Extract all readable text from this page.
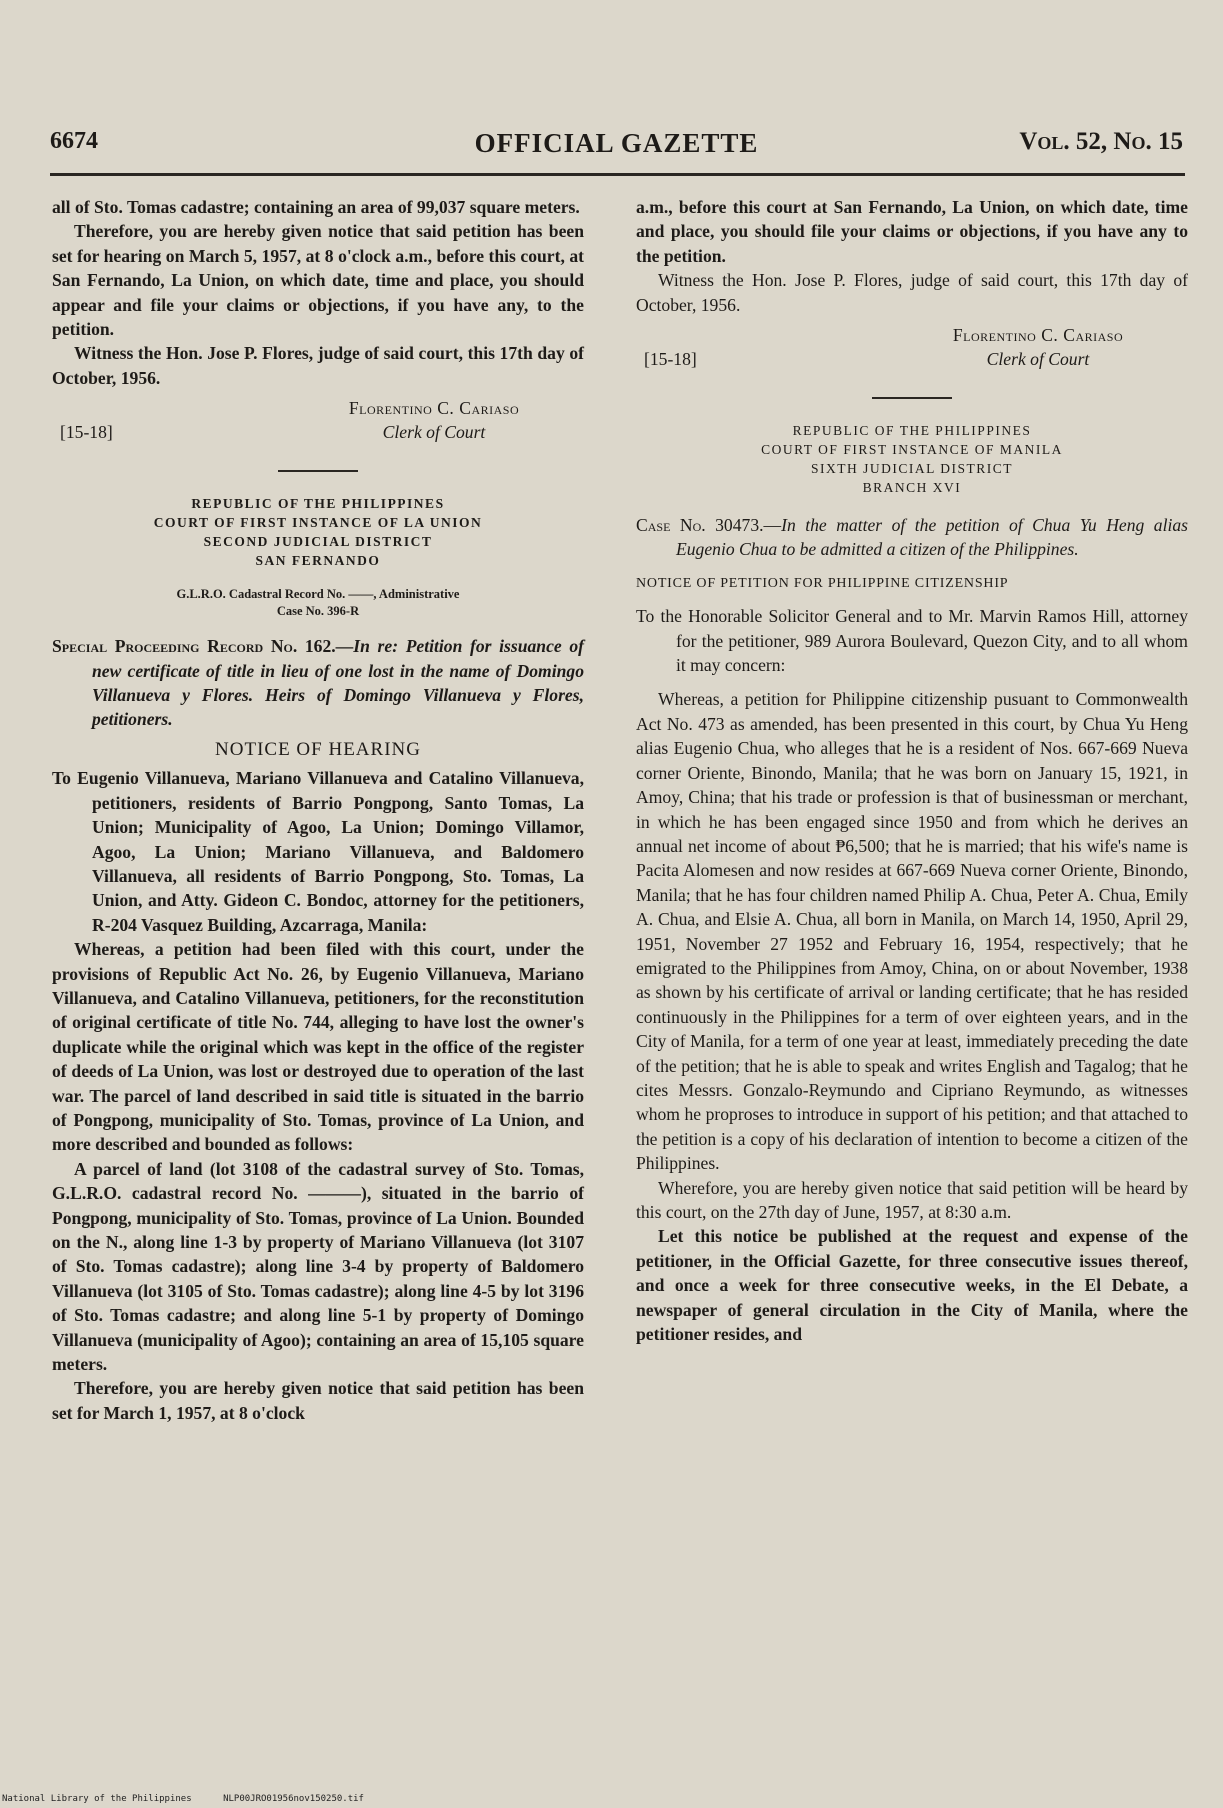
6674	OFFICIAL GAZETTE	Vol. 52, No. 15

all of Sto. Tomas cadastre; containing an area of 99,037 square meters.

Therefore, you are hereby given notice that said petition has been set for hearing on March 5, 1957, at 8 o'clock a.m., before this court, at San Fernando, La Union, on which date, time and place, you should appear and file your claims or objections, if you have any, to the petition.

Witness the Hon. Jose P. Flores, judge of said court, this 17th day of October, 1956.

Florentino C. Cariaso
Clerk of Court
[15-18]
REPUBLIC OF THE PHILIPPINES
COURT OF FIRST INSTANCE OF LA UNION
SECOND JUDICIAL DISTRICT
SAN FERNANDO
G.L.R.O. Cadastral Record No. ——, Administrative
Case No. 396-R

Special Proceeding Record No. 162.—In re: Petition for issuance of new certificate of title in lieu of one lost in the name of Domingo Villanueva y Flores. Heirs of Domingo Villanueva y Flores, petitioners.

NOTICE OF HEARING

To Eugenio Villanueva, Mariano Villanueva and Catalino Villanueva, petitioners, residents of Barrio Pongpong, Santo Tomas, La Union; Municipality of Agoo, La Union; Domingo Villamor, Agoo, La Union; Mariano Villanueva, and Baldomero Villanueva, all residents of Barrio Pongpong, Sto. Tomas, La Union, and Atty. Gideon C. Bondoc, attorney for the petitioners, R-204 Vasquez Building, Azcarraga, Manila:

Whereas, a petition had been filed with this court, under the provisions of Republic Act No. 26, by Eugenio Villanueva, Mariano Villanueva, and Catalino Villanueva, petitioners, for the reconstitution of original certificate of title No. 744, alleging to have lost the owner's duplicate while the original which was kept in the office of the register of deeds of La Union, was lost or destroyed due to operation of the last war. The parcel of land described in said title is situated in the barrio of Pongpong, municipality of Sto. Tomas, province of La Union, and more described and bounded as follows:

A parcel of land (lot 3108 of the cadastral survey of Sto. Tomas, G.L.R.O. cadastral record No. ———), situated in the barrio of Pongpong, municipality of Sto. Tomas, province of La Union. Bounded on the N., along line 1-3 by property of Mariano Villanueva (lot 3107 of Sto. Tomas cadastre); along line 3-4 by property of Baldomero Villanueva (lot 3105 of Sto. Tomas cadastre); along line 4-5 by lot 3196 of Sto. Tomas cadastre; and along line 5-1 by property of Domingo Villanueva (municipality of Agoo); containing an area of 15,105 square meters.

Therefore, you are hereby given notice that said petition has been set for March 1, 1957, at 8 o'clock

a.m., before this court at San Fernando, La Union, on which date, time and place, you should file your claims or objections, if you have any to the petition.

Witness the Hon. Jose P. Flores, judge of said court, this 17th day of October, 1956.

Florentino C. Cariaso
Clerk of Court
[15-18]
REPUBLIC OF THE PHILIPPINES
COURT OF FIRST INSTANCE OF MANILA
SIXTH JUDICIAL DISTRICT
BRANCH XVI

Case No. 30473.—In the matter of the petition of Chua Yu Heng alias Eugenio Chua to be admitted a citizen of the Philippines.

NOTICE OF PETITION FOR PHILIPPINE CITIZENSHIP

To the Honorable Solicitor General and to Mr. Marvin Ramos Hill, attorney for the petitioner, 989 Aurora Boulevard, Quezon City, and to all whom it may concern:

Whereas, a petition for Philippine citizenship pusuant to Commonwealth Act No. 473 as amended, has been presented in this court, by Chua Yu Heng alias Eugenio Chua, who alleges that he is a resident of Nos. 667-669 Nueva corner Oriente, Binondo, Manila; that he was born on January 15, 1921, in Amoy, China; that his trade or profession is that of businessman or merchant, in which he has been engaged since 1950 and from which he derives an annual net income of about ₱6,500; that he is married; that his wife's name is Pacita Alomesen and now resides at 667-669 Nueva corner Oriente, Binondo, Manila; that he has four children named Philip A. Chua, Peter A. Chua, Emily A. Chua, and Elsie A. Chua, all born in Manila, on March 14, 1950, April 29, 1951, November 27 1952 and February 16, 1954, respectively; that he emigrated to the Philippines from Amoy, China, on or about November, 1938 as shown by his certificate of arrival or landing certificate; that he has resided continuously in the Philippines for a term of over eighteen years, and in the City of Manila, for a term of one year at least, immediately preceding the date of the petition; that he is able to speak and writes English and Tagalog; that he cites Messrs. Gonzalo-Reymundo and Cipriano Reymundo, as witnesses whom he proproses to introduce in support of his petition; and that attached to the petition is a copy of his declaration of intention to become a citizen of the Philippines.

Wherefore, you are hereby given notice that said petition will be heard by this court, on the 27th day of June, 1957, at 8:30 a.m.

Let this notice be published at the request and expense of the petitioner, in the Official Gazette, for three consecutive issues thereof, and once a week for three consecutive weeks, in the El Debate, a newspaper of general circulation in the City of Manila, where the petitioner resides, and

National Library of the Philippines	NLP00JRO01956nov150250.tif
